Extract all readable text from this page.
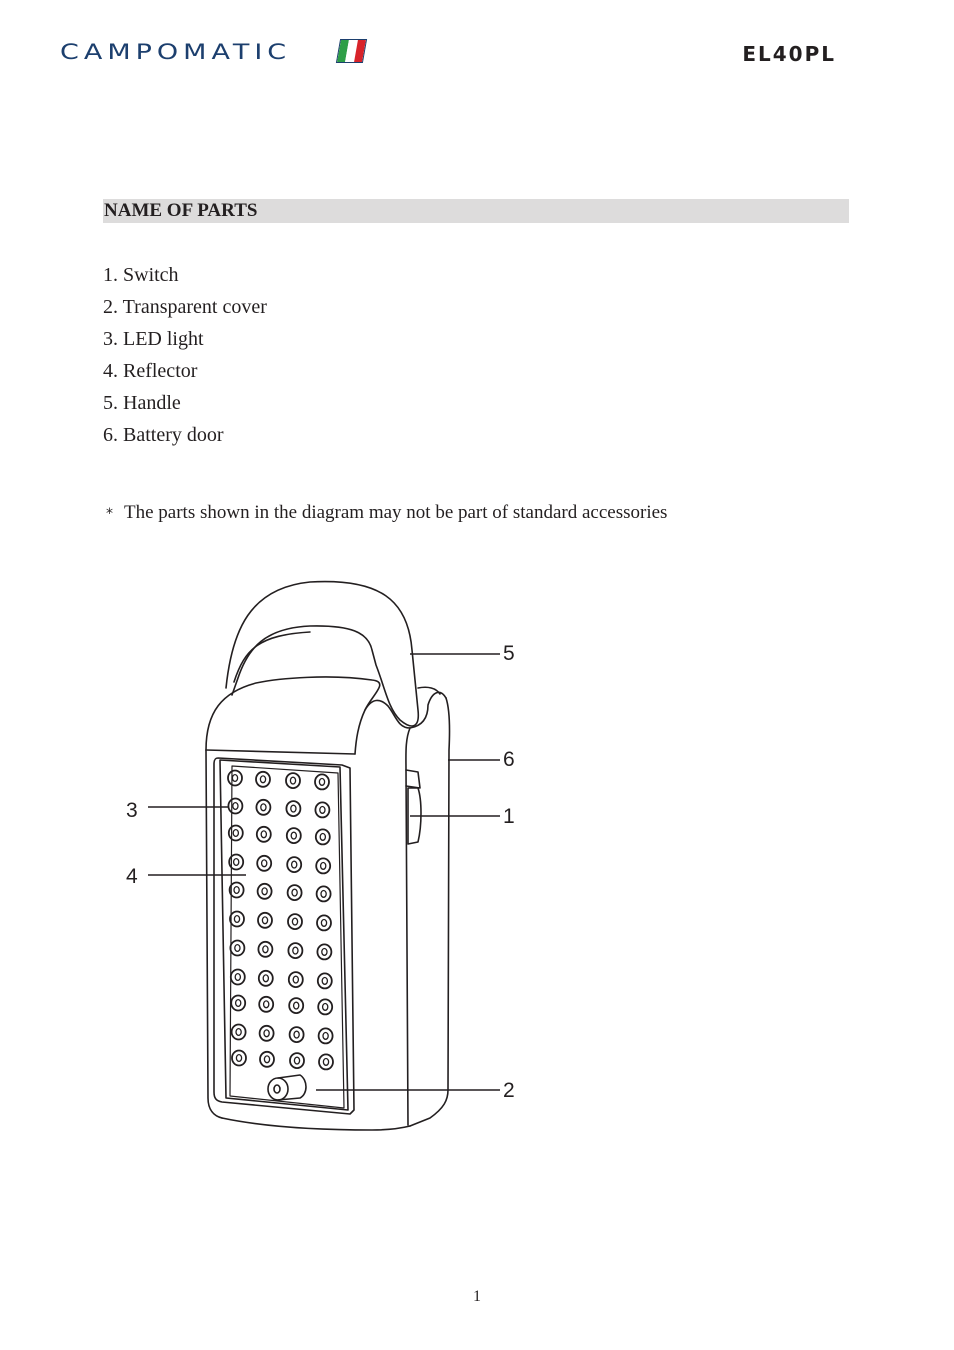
CAMPOMATIC	EL40PL
NAME OF PARTS
1. Switch
2. Transparent cover
3. LED light
4. Reflector
5. Handle
6. Battery door
* The parts shown in the diagram may not be part of standard accessories
5
6
1
3
4
2
1
